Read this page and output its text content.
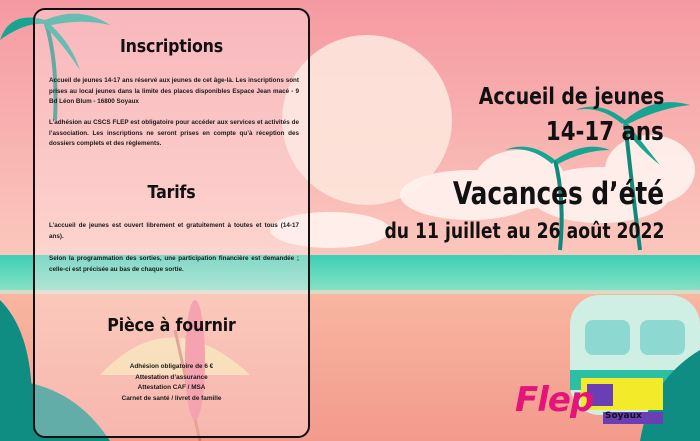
Inscriptions
Accueil de jeunes 14-17 ans réservé aux jeunes de cet âge-là. Les inscriptions sont prises au local jeunes dans la limite des places disponibles Espace Jean macé - 9 Bd Léon Blum - 16800 Soyaux
L’adhésion au CSCS FLEP est obligatoire pour accéder aux services et activités de l’association. Les inscriptions ne seront prises en compte qu’à réception des dossiers complets et des règlements.
Tarifs
L’accueil de jeunes est ouvert librement et gratuitement à toutes et tous (14-17 ans).
Selon la programmation des sorties, une participation financière est demandée ; celle-ci est précisée au bas de chaque sortie.
Pièce à fournir
Adhésion obligatoire de 6 €
Attestation d’assurance
Attestation CAF / MSA
Carnet de santé / livret de famille
Accueil de jeunes
14-17 ans
Vacances d’été
du 11 juillet au 26 août 2022
Flep Soyaux
